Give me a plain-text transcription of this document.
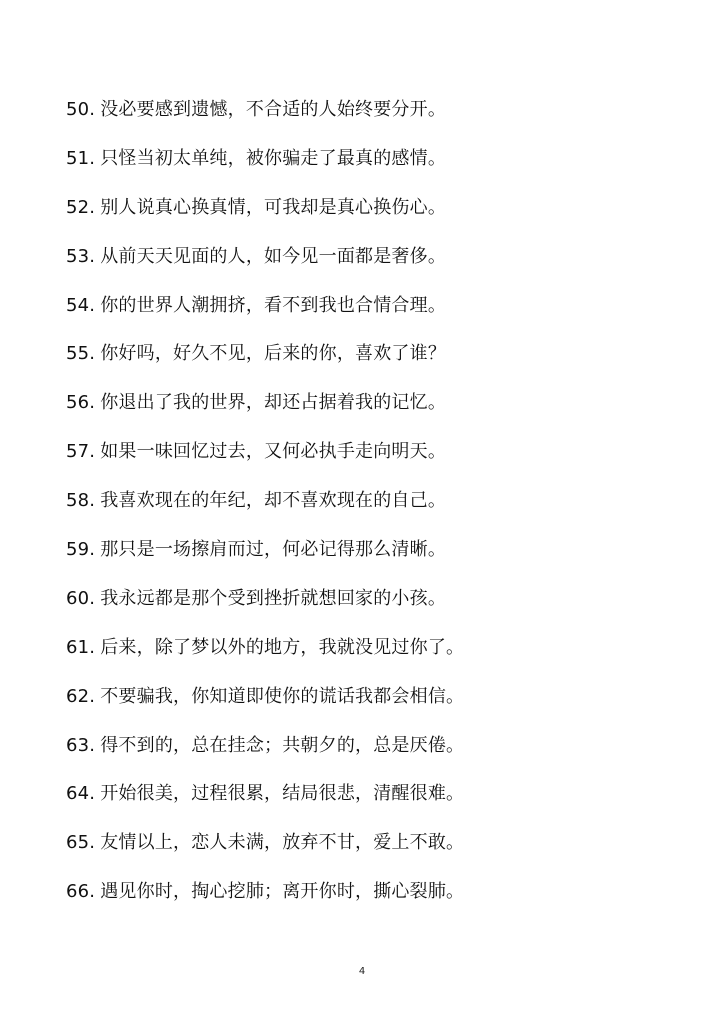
50. 没必要感到遗憾，不合适的人始终要分开。
51. 只怪当初太单纯，被你骗走了最真的感情。
52. 别人说真心换真情，可我却是真心换伤心。
53. 从前天天见面的人，如今见一面都是奢侈。
54. 你的世界人潮拥挤，看不到我也合情合理。
55. 你好吗，好久不见，后来的你，喜欢了谁？
56. 你退出了我的世界，却还占据着我的记忆。
57. 如果一味回忆过去，又何必执手走向明天。
58. 我喜欢现在的年纪，却不喜欢现在的自己。
59. 那只是一场擦肩而过，何必记得那么清晰。
60. 我永远都是那个受到挫折就想回家的小孩。
61. 后来，除了梦以外的地方，我就没见过你了。
62. 不要骗我，你知道即使你的谎话我都会相信。
63. 得不到的，总在挂念；共朝夕的，总是厌倦。
64. 开始很美，过程很累，结局很悲，清醒很难。
65. 友情以上，恋人未满，放弃不甘，爱上不敢。
66. 遇见你时，掏心挖肺；离开你时，撕心裂肺。
4
